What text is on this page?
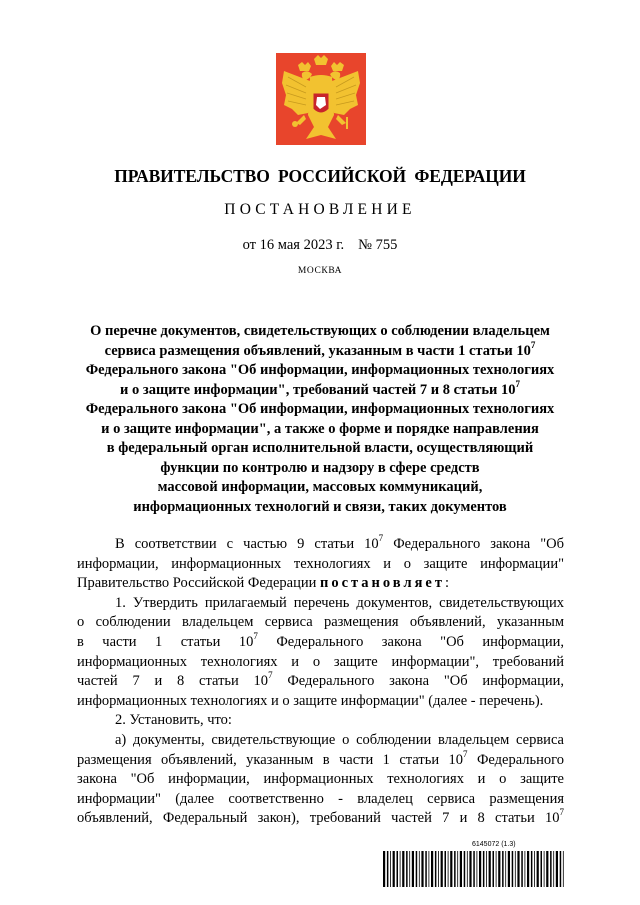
ПРАВИТЕЛЬСТВО РОССИЙСКОЙ ФЕДЕРАЦИИ
ПОСТАНОВЛЕНИЕ
от 16 мая 2023 г. № 755
МОСКВА
О перечне документов, свидетельствующих о соблюдении владельцем
сервиса размещения объявлений, указанным в части 1 статьи $10^7$
Федерального закона "Об информации, информационных технологиях
и о защите информации", требований частей 7 и 8 статьи $10^7$
Федерального закона "Об информации, информационных технологиях
и о защите информации", а также о форме и порядке направления
в федеральный орган исполнительной власти, осуществляющий
функции по контролю и надзору в сфере средств
массовой информации, массовых коммуникаций,
информационных технологий и связи, таких документов

В соответствии с частью 9 статьи $10^7$ Федерального закона "Об информации, информационных технологиях и о защите информации" Правительство Российской Федерации постановляет:

1. Утвердить прилагаемый перечень документов, свидетельствующих
о соблюдении владельцем сервиса размещения объявлений, указанным
в части 1 статьи $10^7$ Федерального закона "Об информации,
информационных технологиях и о защите информации", требований
частей 7 и 8 статьи $10^7$ Федерального закона "Об информации,
информационных технологиях и о защите информации" (далее - перечень).

2. Установить, что:

а) документы, свидетельствующие о соблюдении владельцем сервиса
размещения объявлений, указанным в части 1 статьи $10^7$ Федерального
закона "Об информации, информационных технологиях и о защите
информации" (далее соответственно - владелец сервиса размещения
объявлений, Федеральный закон), требований частей 7 и 8 статьи $10^7$

6145072 (1.3)
